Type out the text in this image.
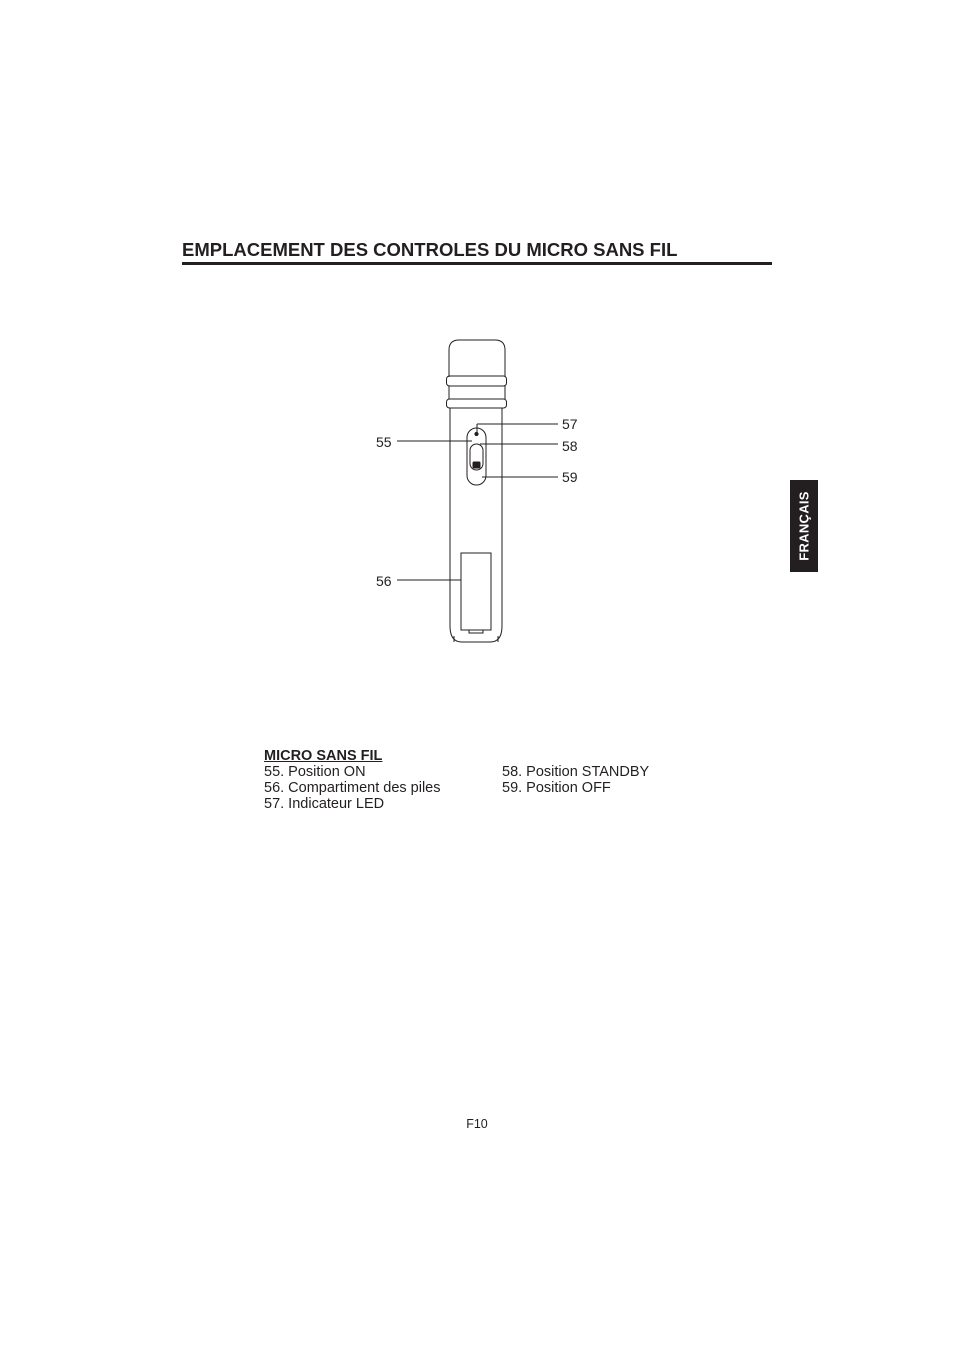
EMPLACEMENT DES CONTROLES DU MICRO SANS FIL
FRANÇAIS
55
56
57
58
59
MICRO SANS FIL
55. Position ON
56. Compartiment des piles
57. Indicateur LED
58. Position STANDBY
59. Position OFF
F10
